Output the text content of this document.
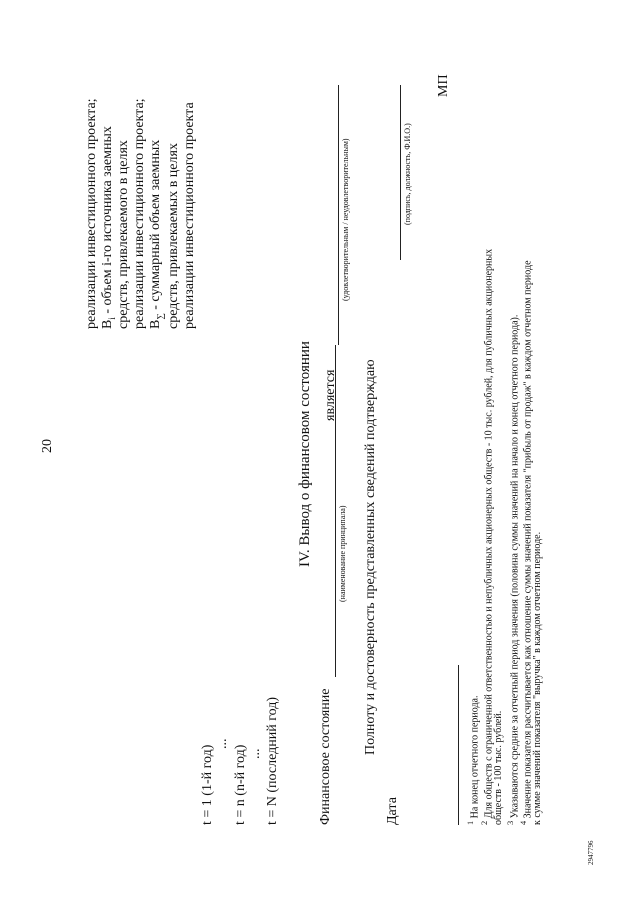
20
t = 1 (1-й год)
...
t = n (n-й год) ... t = N (последний год)
реализации инвестиционного проекта; $B_i$ - объем i-го источника заемных средств, привлекаемого в целях реализации инвестиционного проекта; $B_\sum$ - суммарный объем заемных средств, привлекаемых в целях реализации инвестиционного проекта
IV. Вывод о финансовом состоянии
Финансовое состояние
(наименование принципала)
является
(удовлетворительным / неудовлетворительным)
Полноту и достоверность представленных сведений подтверждаю
Дата
(подпись, должность, Ф.И.О.)
МП
$^1$ На конец отчетного периода.
$^2$ Для обществ с ограниченной ответственностью и непубличных акционерных обществ - 10 тыс. рублей, для публичных акционерных
обществ - 100 тыс. рублей. $^3$ Указываются средние за отчетный период значения (половина суммы значений на начало и конец отчетного периода).
$^4$ Значение показателя рассчитывается как отношение суммы значений показателя "прибыль от продаж" в каждом отчетном периоде
к сумме значений показателя "выручка" в каждом отчетном периоде.
2947796
